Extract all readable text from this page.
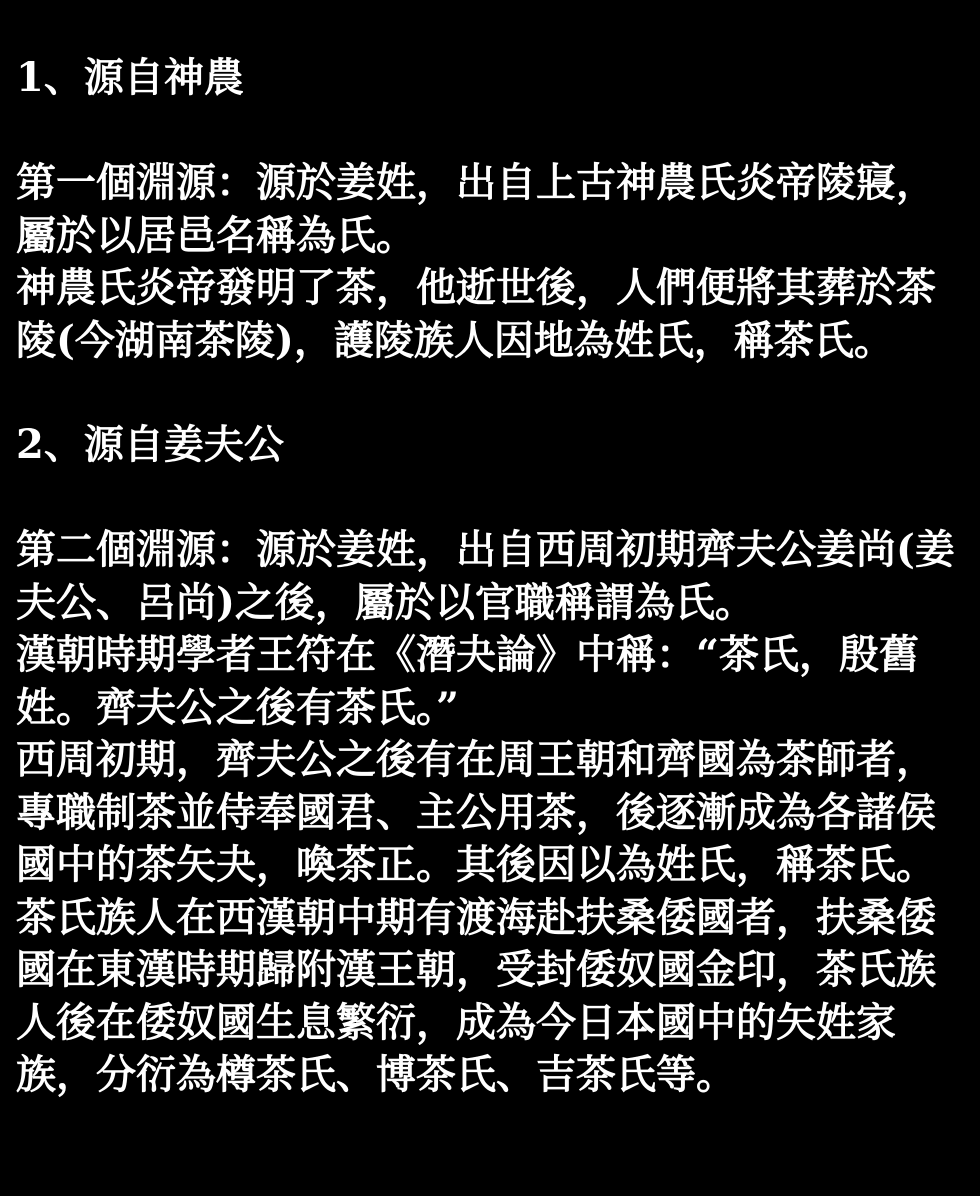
1、源自神農

第一個淵源：源於姜姓，出自上古神農氏炎帝陵寢，屬於以居邑名稱為氏。

神農氏炎帝發明了茶，他逝世後，人們便將其葬於茶陵(今湖南茶陵)，護陵族人因地為姓氏，稱茶氏。

2、源自姜夫公

第二個淵源：源於姜姓，出自西周初期齊夫公姜尚(姜夫公、呂尚)之後，屬於以官職稱謂為氏。

漢朝時期學者王符在《潛夬論》中稱：“茶氏，殷舊姓。齊夫公之後有茶氏。”

西周初期，齊夫公之後有在周王朝和齊國為茶師者，專職制茶並侍奉國君、主公用茶，後逐漸成為各諸侯國中的茶矢夬，喚茶正。其後因以為姓氏，稱茶氏。

茶氏族人在西漢朝中期有渡海赴扶桑倭國者，扶桑倭國在東漢時期歸附漢王朝，受封倭奴國金印，茶氏族人後在倭奴國生息繁衍，成為今日本國中的矢姓家族，分衍為樽茶氏、博茶氏、吉茶氏等。
